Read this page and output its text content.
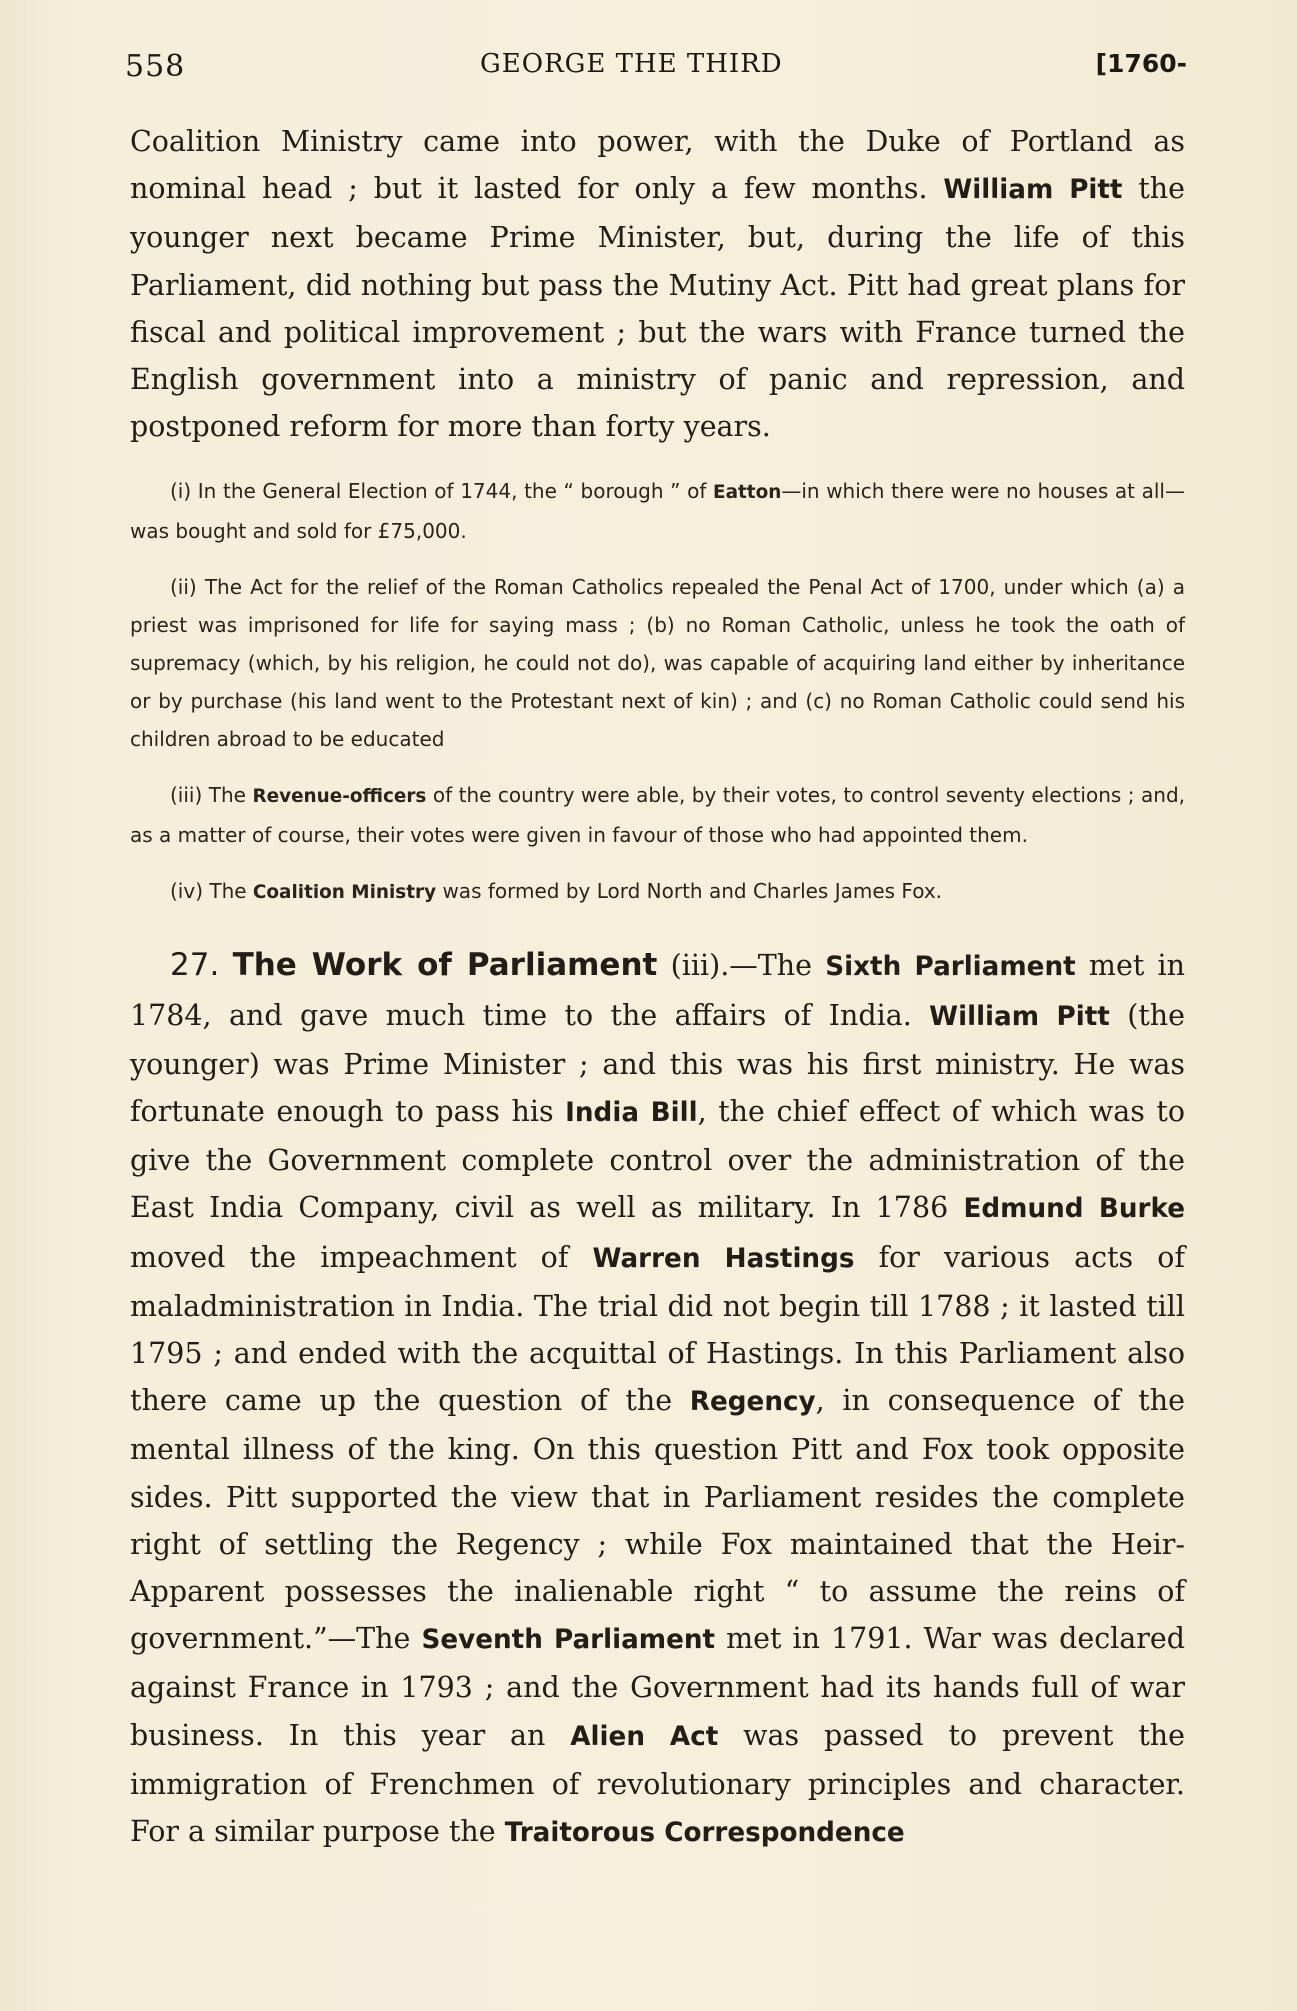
558	GEORGE THE THIRD	[1760-

Coalition Ministry came into power, with the Duke of Portland as nominal head ; but it lasted for only a few months. William Pitt the younger next became Prime Minister, but, during the life of this Parliament, did nothing but pass the Mutiny Act. Pitt had great plans for fiscal and political improvement ; but the wars with France turned the English government into a ministry of panic and repression, and postponed reform for more than forty years.

(i) In the General Election of 1744, the “ borough ” of Eatton—in which there were no houses at all—was bought and sold for £75,000.

(ii) The Act for the relief of the Roman Catholics repealed the Penal Act of 1700, under which (a) a priest was imprisoned for life for saying mass ; (b) no Roman Catholic, unless he took the oath of supremacy (which, by his religion, he could not do), was capable of acquiring land either by inheritance or by purchase (his land went to the Protestant next of kin) ; and (c) no Roman Catholic could send his children abroad to be educated

(iii) The Revenue-officers of the country were able, by their votes, to control seventy elections ; and, as a matter of course, their votes were given in favour of those who had appointed them.

(iv) The Coalition Ministry was formed by Lord North and Charles James Fox.

27. The Work of Parliament (iii).—The Sixth Parliament met in 1784, and gave much time to the affairs of India. William Pitt (the younger) was Prime Minister ; and this was his first ministry. He was fortunate enough to pass his India Bill, the chief effect of which was to give the Government complete control over the administration of the East India Company, civil as well as military. In 1786 Edmund Burke moved the impeachment of Warren Hastings for various acts of maladministration in India. The trial did not begin till 1788 ; it lasted till 1795 ; and ended with the acquittal of Hastings. In this Parliament also there came up the question of the Regency, in consequence of the mental illness of the king. On this question Pitt and Fox took opposite sides. Pitt supported the view that in Parliament resides the complete right of settling the Regency ; while Fox maintained that the Heir-Apparent possesses the inalienable right “ to assume the reins of government.”—The Seventh Parliament met in 1791. War was declared against France in 1793 ; and the Government had its hands full of war business. In this year an Alien Act was passed to prevent the immigration of Frenchmen of revolutionary principles and character. For a similar purpose the Traitorous Correspondence
